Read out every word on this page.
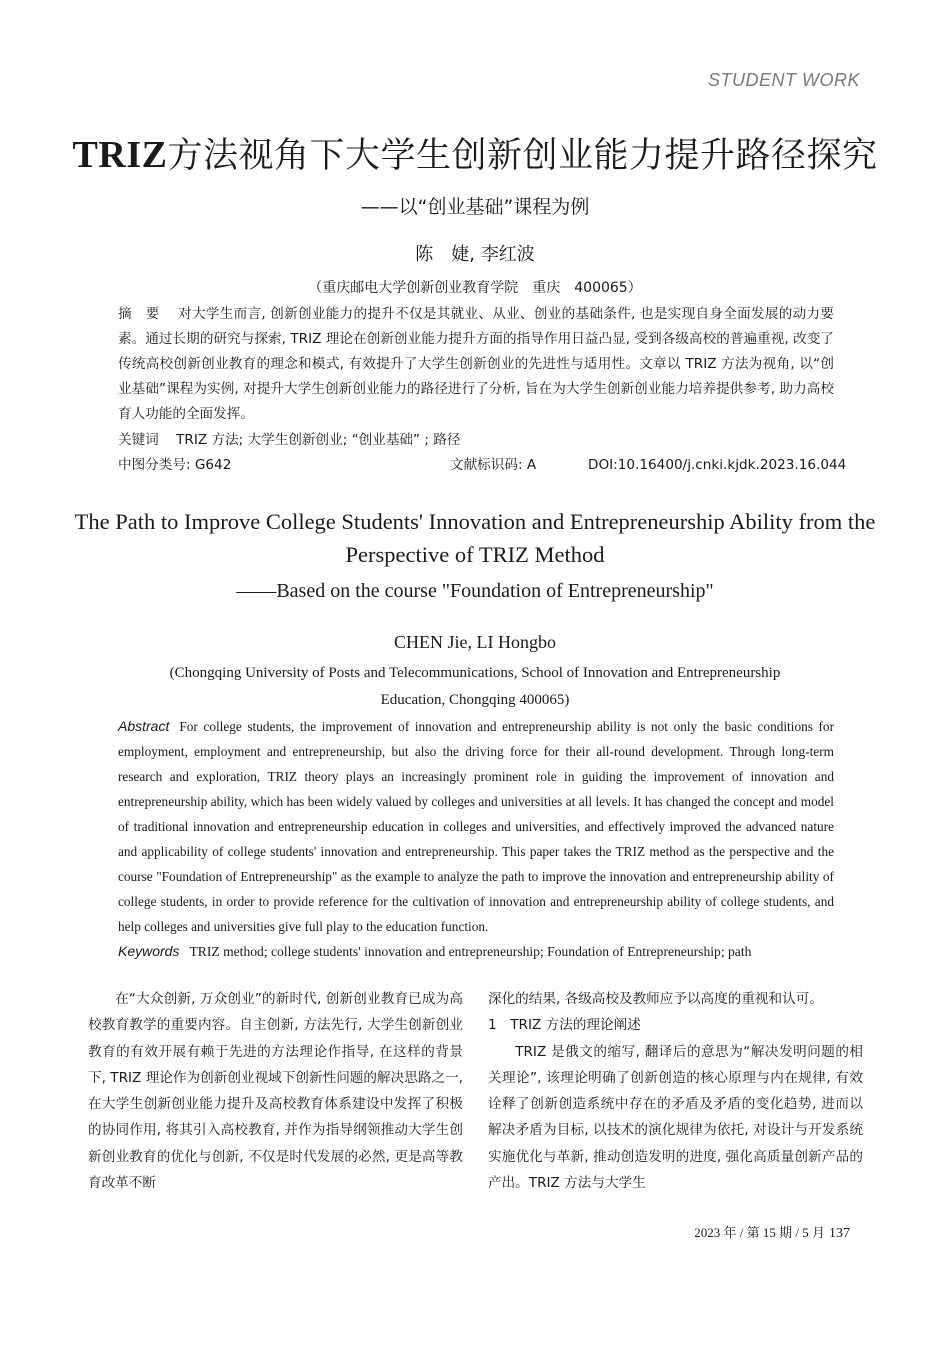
STUDENT WORK
TRIZ方法视角下大学生创新创业能力提升路径探究
——以“创业基础”课程为例
陈　婕, 李红波
（重庆邮电大学创新创业教育学院　重庆　400065）
摘　要 对大学生而言, 创新创业能力的提升不仅是其就业、从业、创业的基础条件, 也是实现自身全面发展的动力要素。通过长期的研究与探索, TRIZ 理论在创新创业能力提升方面的指导作用日益凸显, 受到各级高校的普遍重视, 改变了传统高校创新创业教育的理念和模式, 有效提升了大学生创新创业的先进性与适用性。文章以 TRIZ 方法为视角, 以“创业基础”课程为实例, 对提升大学生创新创业能力的路径进行了分析, 旨在为大学生创新创业能力培养提供参考, 助力高校育人功能的全面发挥。
关键词 TRIZ 方法; 大学生创新创业; “创业基础” ; 路径
中图分类号: G642	文献标识码: A	DOI:10.16400/j.cnki.kjdk.2023.16.044
The Path to Improve College Students' Innovation and Entrepreneurship Ability from the Perspective of TRIZ Method
——Based on the course "Foundation of Entrepreneurship"
CHEN Jie, LI Hongbo
(Chongqing University of Posts and Telecommunications, School of Innovation and Entrepreneurship Education, Chongqing 400065)
Abstract For college students, the improvement of innovation and entrepreneurship ability is not only the basic conditions for employment, employment and entrepreneurship, but also the driving force for their all-round development. Through long-term research and exploration, TRIZ theory plays an increasingly prominent role in guiding the improvement of innovation and entrepreneurship ability, which has been widely valued by colleges and universities at all levels. It has changed the concept and model of traditional innovation and entrepreneurship education in colleges and universities, and effectively improved the advanced nature and applicability of college students' innovation and entrepreneurship. This paper takes the TRIZ method as the perspective and the course "Foundation of Entrepreneurship" as the example to analyze the path to improve the innovation and entrepreneurship ability of college students, in order to provide reference for the cultivation of innovation and entrepreneurship ability of college students, and help colleges and universities give full play to the education function.
Keywords TRIZ method; college students' innovation and entrepreneurship; Foundation of Entrepreneurship; path

在“大众创新, 万众创业”的新时代, 创新创业教育已成为高校教育教学的重要内容。自主创新, 方法先行, 大学生创新创业教育的有效开展有赖于先进的方法理论作指导, 在这样的背景下, TRIZ 理论作为创新创业视域下创新性问题的解决思路之一, 在大学生创新创业能力提升及高校教育体系建设中发挥了积极的协同作用, 将其引入高校教育, 并作为指导纲领推动大学生创新创业教育的优化与创新, 不仅是时代发展的必然, 更是高等教育改革不断

深化的结果, 各级高校及教师应予以高度的重视和认可。

1　TRIZ 方法的理论阐述

TRIZ 是俄文的缩写, 翻译后的意思为“解决发明问题的相关理论”, 该理论明确了创新创造的核心原理与内在规律, 有效诠释了创新创造系统中存在的矛盾及矛盾的变化趋势, 进而以解决矛盾为目标, 以技术的演化规律为依托, 对设计与开发系统实施优化与革新, 推动创造发明的进度, 强化高质量创新产品的产出。TRIZ 方法与大学生

2023 年 / 第 15 期 / 5 月 137
